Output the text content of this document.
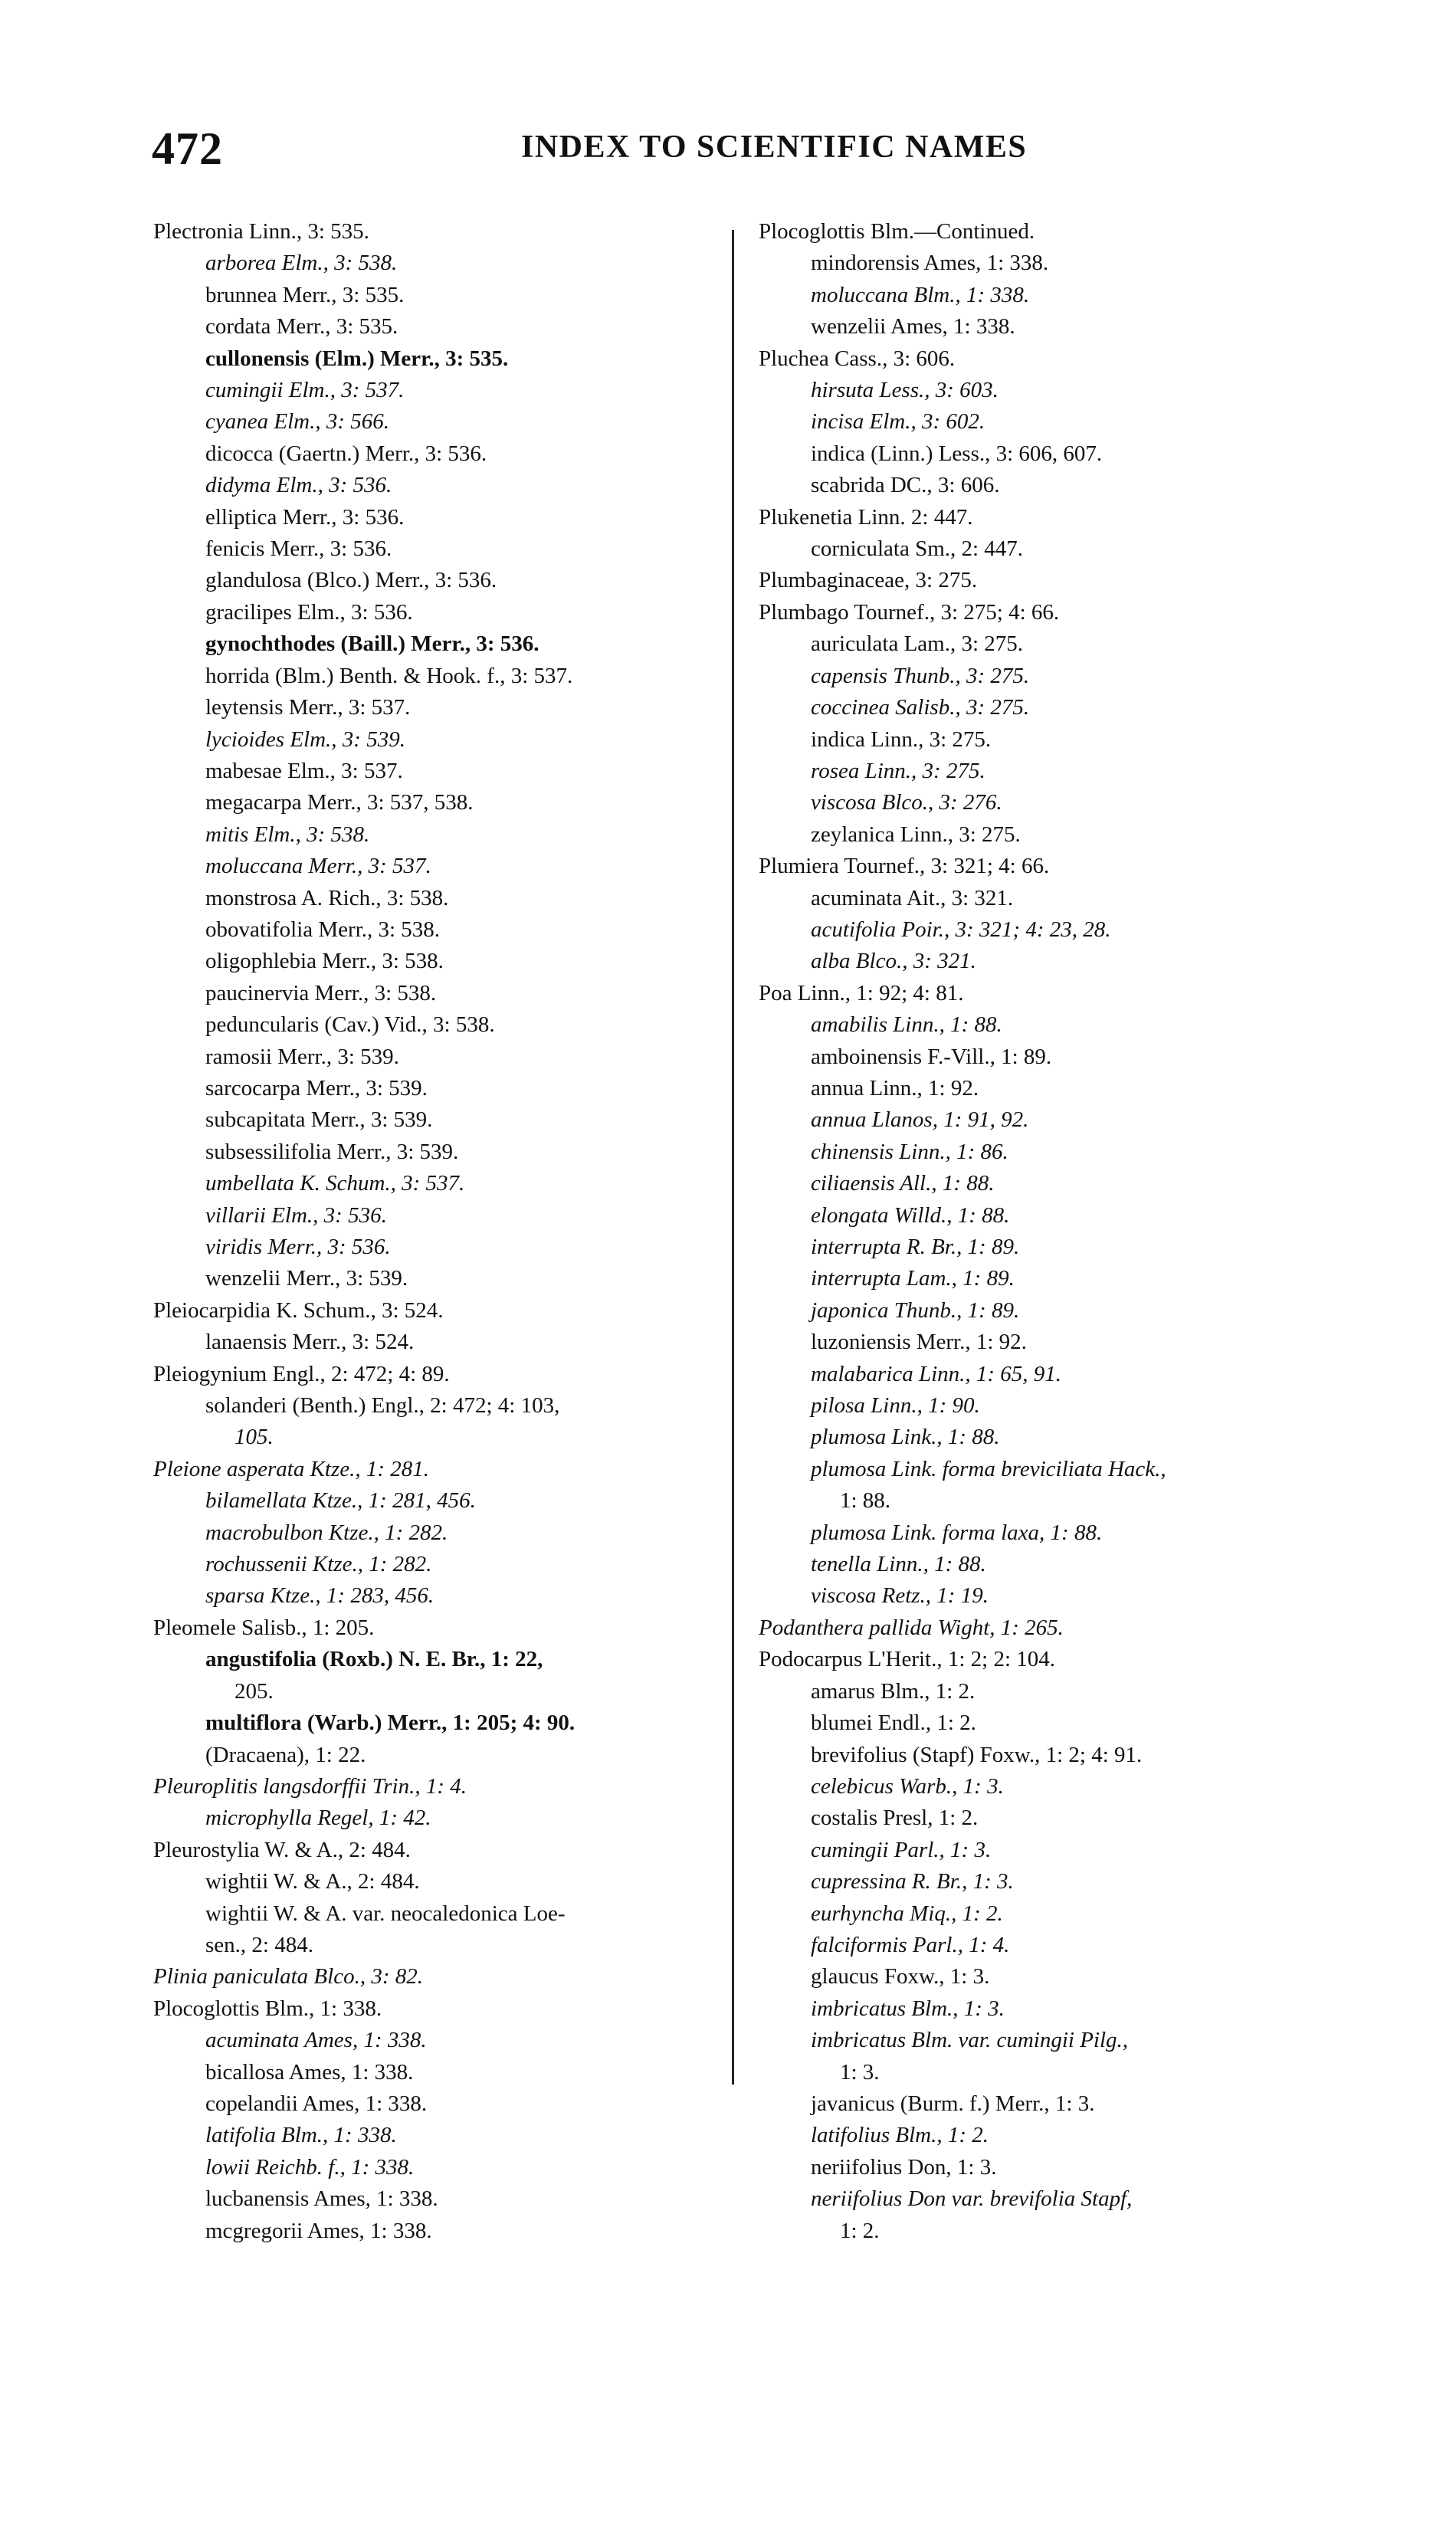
472	INDEX TO SCIENTIFIC NAMES
Plectronia Linn., 3: 535.
arborea Elm., 3: 538.
brunnea Merr., 3: 535.
cordata Merr., 3: 535.
cullonensis (Elm.) Merr., 3: 535.
cumingii Elm., 3: 537.
cyanea Elm., 3: 566.
dicocca (Gaertn.) Merr., 3: 536.
didyma Elm., 3: 536.
elliptica Merr., 3: 536.
fenicis Merr., 3: 536.
glandulosa (Blco.) Merr., 3: 536.
gracilipes Elm., 3: 536.
gynochthodes (Baill.) Merr., 3: 536.
horrida (Blm.) Benth. & Hook. f., 3: 537.
leytensis Merr., 3: 537.
lycioides Elm., 3: 539.
mabesae Elm., 3: 537.
megacarpa Merr., 3: 537, 538.
mitis Elm., 3: 538.
moluccana Merr., 3: 537.
monstrosa A. Rich., 3: 538.
obovatifolia Merr., 3: 538.
oligophlebia Merr., 3: 538.
paucinervia Merr., 3: 538.
peduncularis (Cav.) Vid., 3: 538.
ramosii Merr., 3: 539.
sarcocarpa Merr., 3: 539.
subcapitata Merr., 3: 539.
subsessilifolia Merr., 3: 539.
umbellata K. Schum., 3: 537.
villarii Elm., 3: 536.
viridis Merr., 3: 536.
wenzelii Merr., 3: 539.
Pleiocarpidia K. Schum., 3: 524.
lanaensis Merr., 3: 524.
Pleiogynium Engl., 2: 472; 4: 89.
solanderi (Benth.) Engl., 2: 472; 4: 103,
105.
Pleione asperata Ktze., 1: 281.
bilamellata Ktze., 1: 281, 456.
macrobulbon Ktze., 1: 282.
rochussenii Ktze., 1: 282.
sparsa Ktze., 1: 283, 456.
Pleomele Salisb., 1: 205.
angustifolia (Roxb.) N. E. Br., 1: 22,
205.
multiflora (Warb.) Merr., 1: 205; 4: 90.
(Dracaena), 1: 22.
Pleuroplitis langsdorffii Trin., 1: 4.
microphylla Regel, 1: 42.
Pleurostylia W. & A., 2: 484.
wightii W. & A., 2: 484.
wightii W. & A. var. neocaledonica Loe-
sen., 2: 484.
Plinia paniculata Blco., 3: 82.
Plocoglottis Blm., 1: 338.
acuminata Ames, 1: 338.
bicallosa Ames, 1: 338.
copelandii Ames, 1: 338.
latifolia Blm., 1: 338.
lowii Reichb. f., 1: 338.
lucbanensis Ames, 1: 338.
mcgregorii Ames, 1: 338.
Plocoglottis Blm.—Continued.
mindorensis Ames, 1: 338.
moluccana Blm., 1: 338.
wenzelii Ames, 1: 338.
Pluchea Cass., 3: 606.
hirsuta Less., 3: 603.
incisa Elm., 3: 602.
indica (Linn.) Less., 3: 606, 607.
scabrida DC., 3: 606.
Plukenetia Linn. 2: 447.
corniculata Sm., 2: 447.
Plumbaginaceae, 3: 275.
Plumbago Tournef., 3: 275; 4: 66.
auriculata Lam., 3: 275.
capensis Thunb., 3: 275.
coccinea Salisb., 3: 275.
indica Linn., 3: 275.
rosea Linn., 3: 275.
viscosa Blco., 3: 276.
zeylanica Linn., 3: 275.
Plumiera Tournef., 3: 321; 4: 66.
acuminata Ait., 3: 321.
acutifolia Poir., 3: 321; 4: 23, 28.
alba Blco., 3: 321.
Poa Linn., 1: 92; 4: 81.
amabilis Linn., 1: 88.
amboinensis F.-Vill., 1: 89.
annua Linn., 1: 92.
annua Llanos, 1: 91, 92.
chinensis Linn., 1: 86.
ciliaensis All., 1: 88.
elongata Willd., 1: 88.
interrupta R. Br., 1: 89.
interrupta Lam., 1: 89.
japonica Thunb., 1: 89.
luzoniensis Merr., 1: 92.
malabarica Linn., 1: 65, 91.
pilosa Linn., 1: 90.
plumosa Link., 1: 88.
plumosa Link. forma breviciliata Hack.,
1: 88.
plumosa Link. forma laxa, 1: 88.
tenella Linn., 1: 88.
viscosa Retz., 1: 19.
Podanthera pallida Wight, 1: 265.
Podocarpus L'Herit., 1: 2; 2: 104.
amarus Blm., 1: 2.
blumei Endl., 1: 2.
brevifolius (Stapf) Foxw., 1: 2; 4: 91.
celebicus Warb., 1: 3.
costalis Presl, 1: 2.
cumingii Parl., 1: 3.
cupressina R. Br., 1: 3.
eurhyncha Miq., 1: 2.
falciformis Parl., 1: 4.
glaucus Foxw., 1: 3.
imbricatus Blm., 1: 3.
imbricatus Blm. var. cumingii Pilg.,
1: 3.
javanicus (Burm. f.) Merr., 1: 3.
latifolius Blm., 1: 2.
neriifolius Don, 1: 3.
neriifolius Don var. brevifolia Stapf,
1: 2.
